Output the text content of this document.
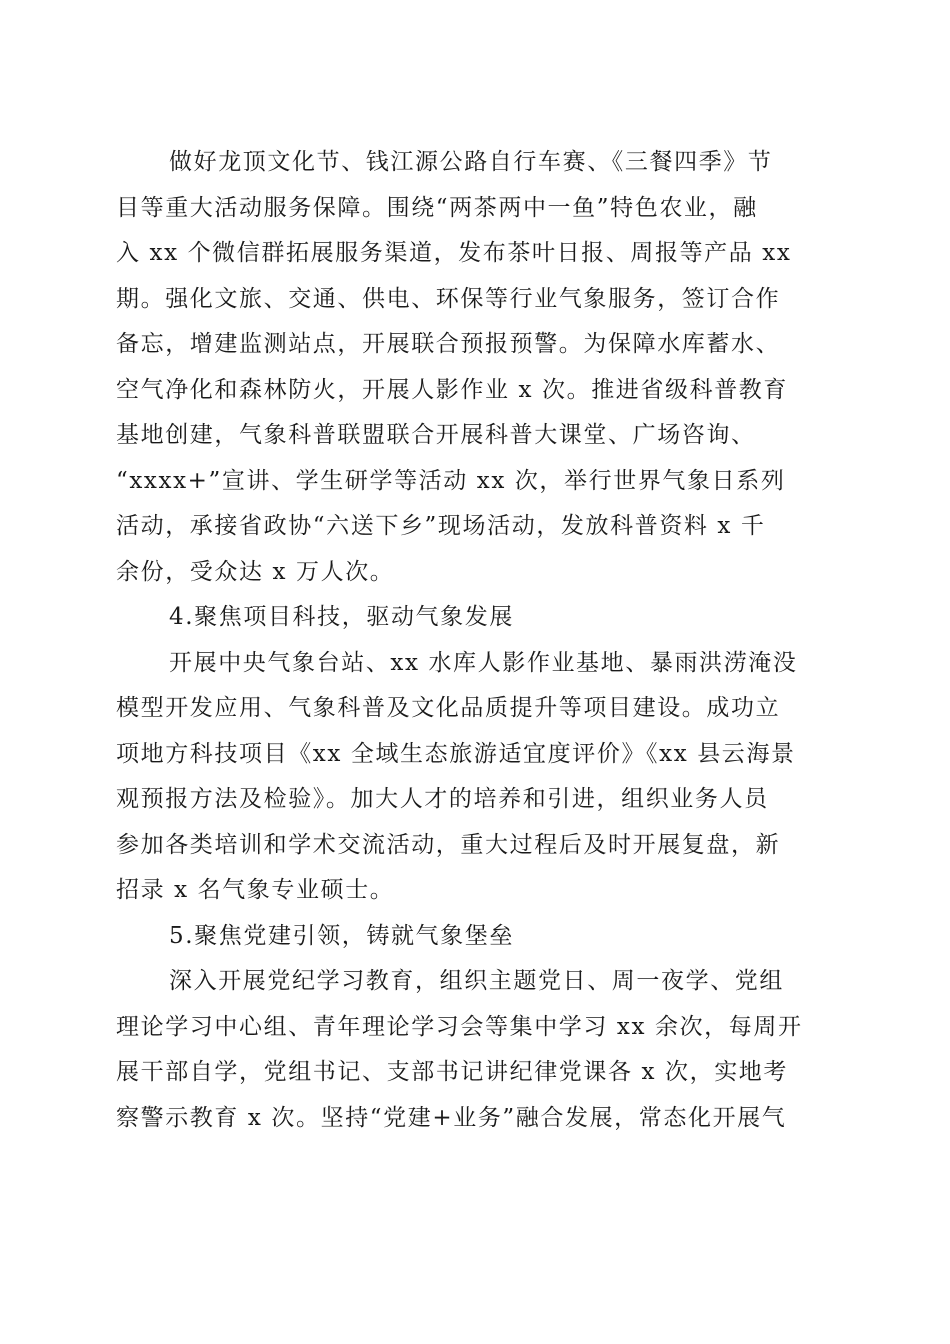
做好龙顶文化节、钱江源公路自行车赛、《三餐四季》节
目等重大活动服务保障。围绕“两茶两中一鱼”特色农业，融
入 xx 个微信群拓展服务渠道，发布茶叶日报、周报等产品 xx
期。强化文旅、交通、供电、环保等行业气象服务，签订合作
备忘，增建监测站点，开展联合预报预警。为保障水库蓄水、
空气净化和森林防火，开展人影作业 x 次。推进省级科普教育
基地创建，气象科普联盟联合开展科普大课堂、广场咨询、
“xxxx+”宣讲、学生研学等活动 xx 次，举行世界气象日系列
活动，承接省政协“六送下乡”现场活动，发放科普资料 x 千
余份，受众达 x 万人次。
4.聚焦项目科技，驱动气象发展
开展中央气象台站、xx 水库人影作业基地、暴雨洪涝淹没
模型开发应用、气象科普及文化品质提升等项目建设。成功立
项地方科技项目《xx 全域生态旅游适宜度评价》《xx 县云海景
观预报方法及检验》。加大人才的培养和引进，组织业务人员
参加各类培训和学术交流活动，重大过程后及时开展复盘，新
招录 x 名气象专业硕士。
5.聚焦党建引领，铸就气象堡垒
深入开展党纪学习教育，组织主题党日、周一夜学、党组
理论学习中心组、青年理论学习会等集中学习 xx 余次，每周开
展干部自学，党组书记、支部书记讲纪律党课各 x 次，实地考
察警示教育 x 次。坚持“党建+业务”融合发展，常态化开展气
